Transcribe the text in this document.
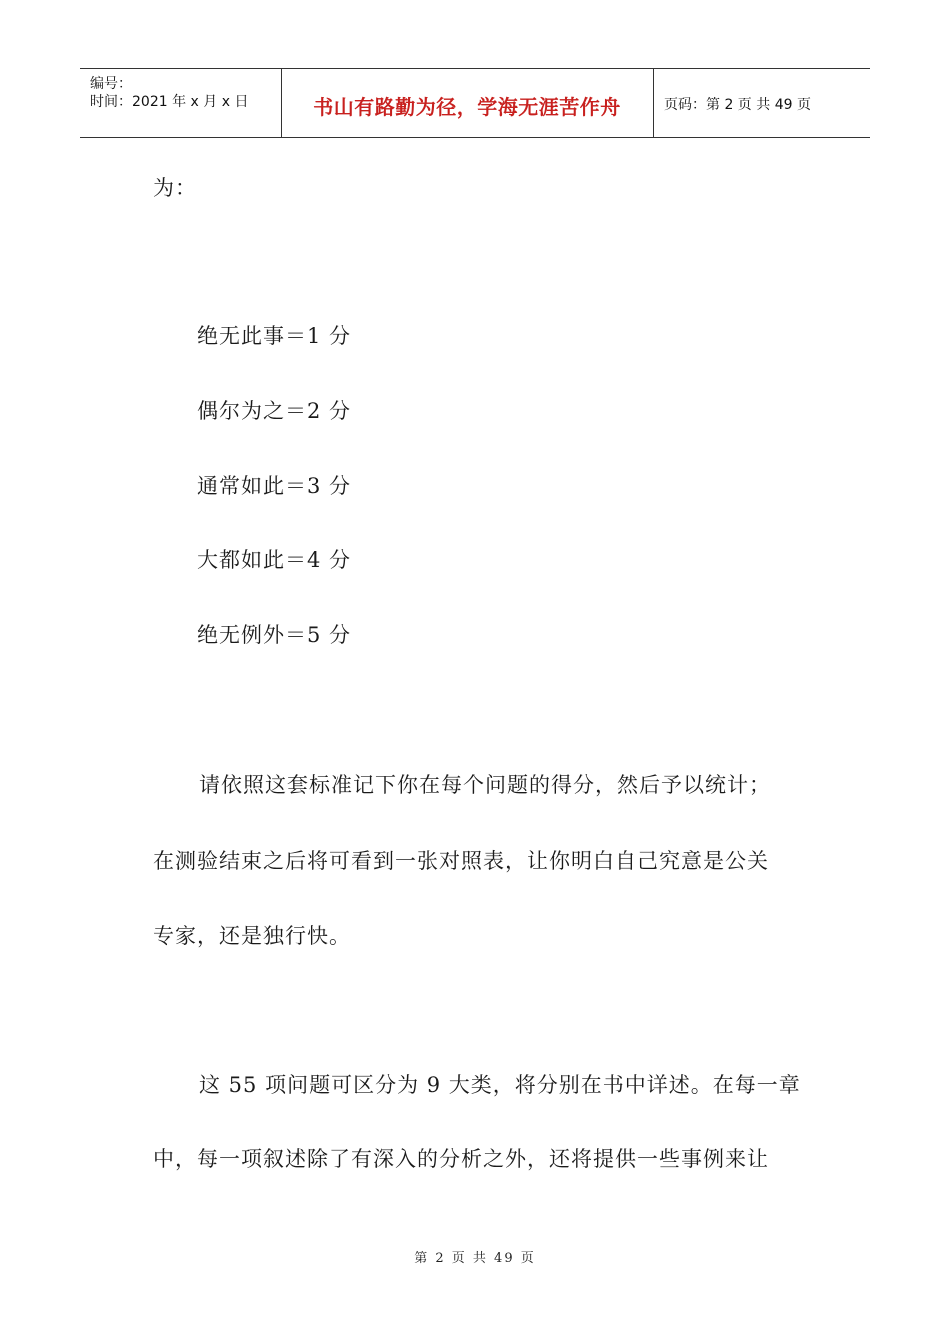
编号：
时间：2021 年 x 月 x 日	书山有路勤为径，学海无涯苦作舟	页码：第 2 页 共 49 页
为：
绝无此事＝1 分
偶尔为之＝2 分
通常如此＝3 分
大都如此＝4 分
绝无例外＝5 分
请依照这套标准记下你在每个问题的得分，然后予以统计；
在测验结束之后将可看到一张对照表，让你明白自己究意是公关
专家，还是独行快。
这 55 项问题可区分为 9 大类，将分别在书中详述。在每一章
中，每一项叙述除了有深入的分析之外，还将提供一些事例来让
第 2 页 共 49 页
